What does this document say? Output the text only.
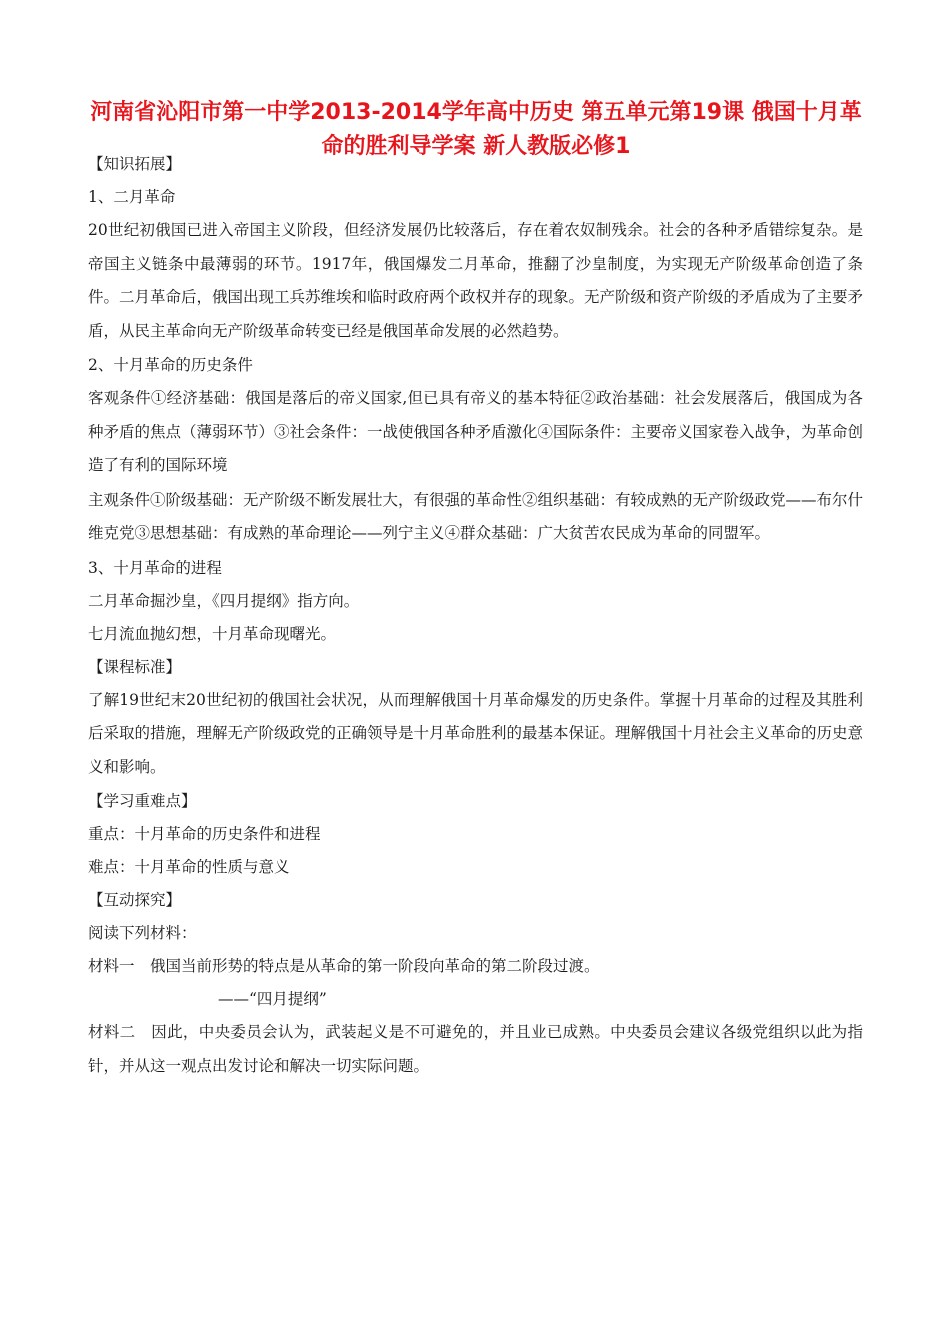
河南省沁阳市第一中学2013-2014学年高中历史 第五单元第19课 俄国十月革命的胜利导学案 新人教版必修1
【知识拓展】
1、二月革命
20世纪初俄国已进入帝国主义阶段，但经济发展仍比较落后，存在着农奴制残余。社会的各种矛盾错综复杂。是帝国主义链条中最薄弱的环节。1917年，俄国爆发二月革命，推翻了沙皇制度，为实现无产阶级革命创造了条件。二月革命后，俄国出现工兵苏维埃和临时政府两个政权并存的现象。无产阶级和资产阶级的矛盾成为了主要矛盾，从民主革命向无产阶级革命转变已经是俄国革命发展的必然趋势。
2、十月革命的历史条件
客观条件①经济基础：俄国是落后的帝义国家,但已具有帝义的基本特征②政治基础：社会发展落后，俄国成为各种矛盾的焦点（薄弱环节）③社会条件：一战使俄国各种矛盾激化④国际条件：主要帝义国家卷入战争，为革命创造了有利的国际环境
主观条件①阶级基础：无产阶级不断发展壮大，有很强的革命性②组织基础：有较成熟的无产阶级政党——布尔什维克党③思想基础：有成熟的革命理论——列宁主义④群众基础：广大贫苦农民成为革命的同盟军。
3、十月革命的进程
二月革命掘沙皇，《四月提纲》指方向。
七月流血抛幻想，十月革命现曙光。
【课程标准】
了解19世纪末20世纪初的俄国社会状况，从而理解俄国十月革命爆发的历史条件。掌握十月革命的过程及其胜利后采取的措施，理解无产阶级政党的正确领导是十月革命胜利的最基本保证。理解俄国十月社会主义革命的历史意义和影响。
【学习重难点】
重点：十月革命的历史条件和进程
难点：十月革命的性质与意义
【互动探究】
阅读下列材料：
材料一　俄国当前形势的特点是从革命的第一阶段向革命的第二阶段过渡。
——“四月提纲”
材料二　因此，中央委员会认为，武装起义是不可避免的，并且业已成熟。中央委员会建议各级党组织以此为指针，并从这一观点出发讨论和解决一切实际问题。
